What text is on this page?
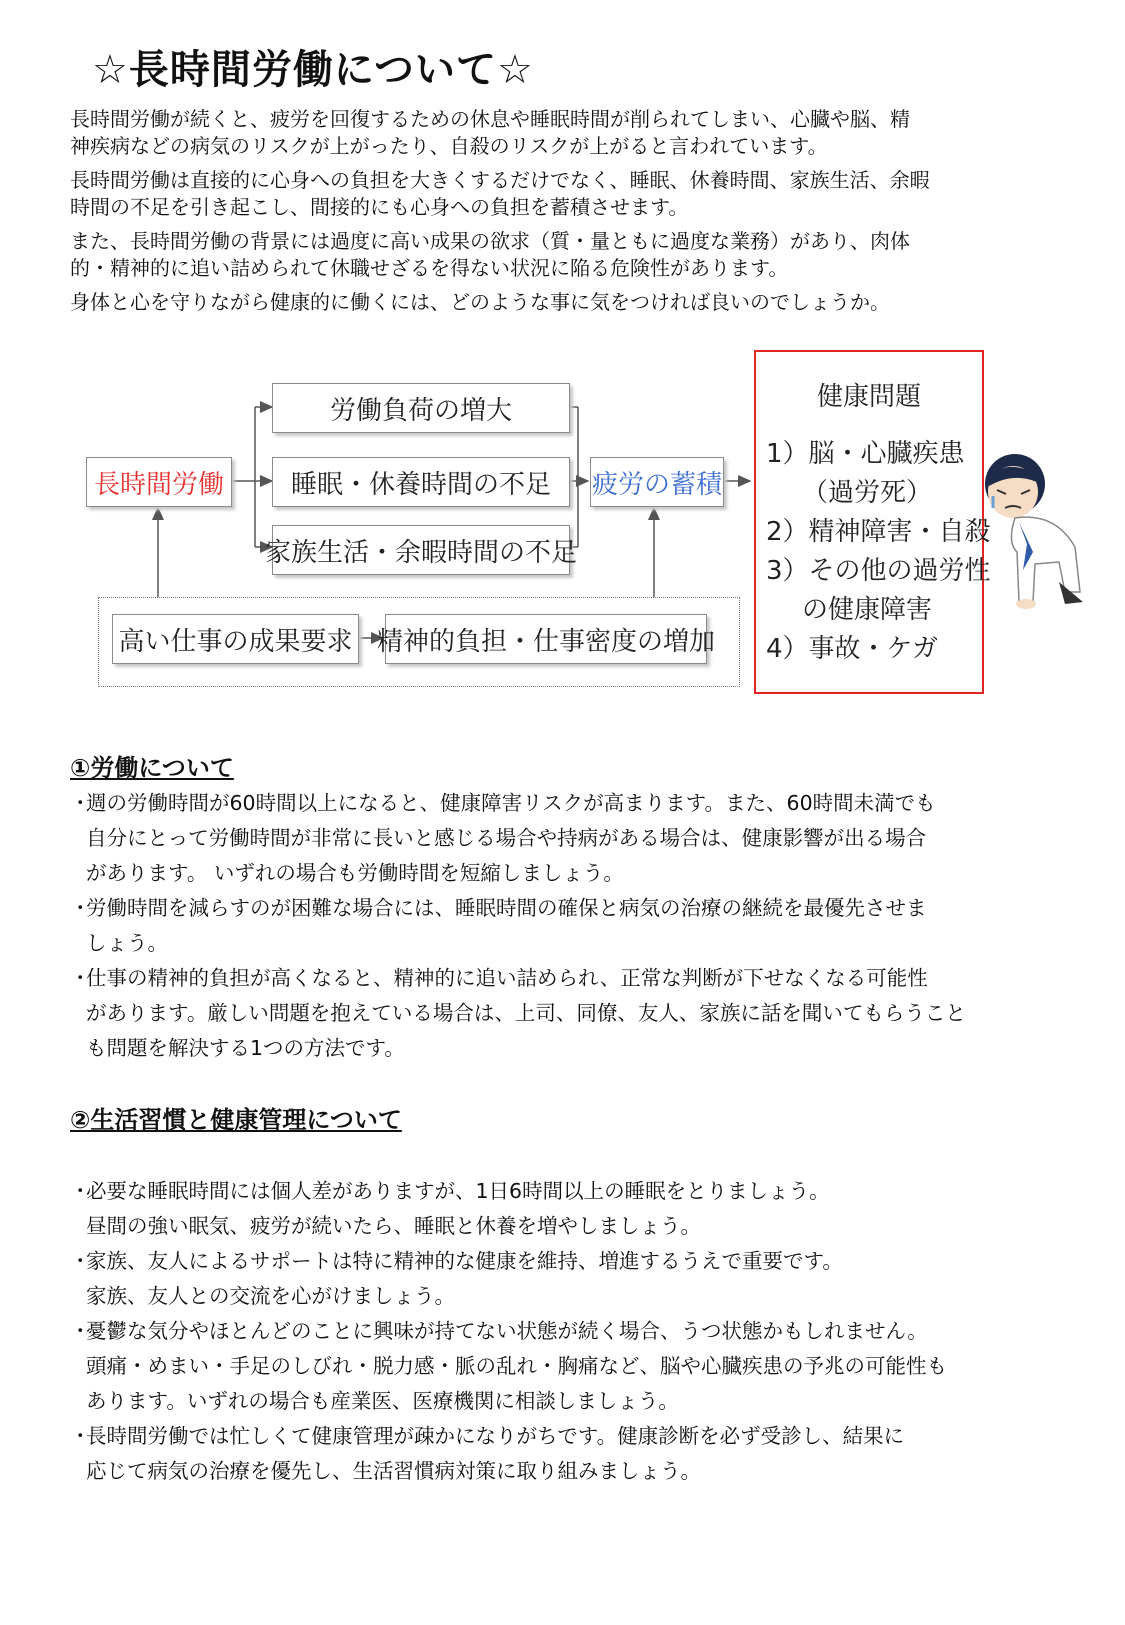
☆長時間労働について☆

長時間労働が続くと、疲労を回復するための休息や睡眠時間が削られてしまい、心臓や脳、精
神疾病などの病気のリスクが上がったり、自殺のリスクが上がると言われています。

長時間労働は直接的に心身への負担を大きくするだけでなく、睡眠、休養時間、家族生活、余暇
時間の不足を引き起こし、間接的にも心身への負担を蓄積させます。

また、長時間労働の背景には過度に高い成果の欲求（質・量ともに過度な業務）があり、肉体
的・精神的に追い詰められて休職せざるを得ない状況に陥る危険性があります。

身体と心を守りながら健康的に働くには、どのような事に気をつければ良いのでしょうか。

長時間労働
労働負荷の増大
睡眠・休養時間の不足
家族生活・余暇時間の不足
疲労の蓄積
高い仕事の成果要求 精神的負担・仕事密度の増加
健康問題
1）脳・心臓疾患
（過労死）
2）精神障害・自殺
3）その他の過労性
の健康障害
4）事故・ケガ
①労働について
・
週の労働時間が60時間以上になると、健康障害リスクが高まります。また、60時間未満でも
自分にとって労働時間が非常に長いと感じる場合や持病がある場合は、健康影響が出る場合
があります。 いずれの場合も労働時間を短縮しましょう。
・
労働時間を減らすのが困難な場合には、睡眠時間の確保と病気の治療の継続を最優先させま
しょう。
・
仕事の精神的負担が高くなると、精神的に追い詰められ、正常な判断が下せなくなる可能性
があります。厳しい問題を抱えている場合は、上司、同僚、友人、家族に話を聞いてもらうこと
も問題を解決する1つの方法です。
②生活習慣と健康管理について
・
必要な睡眠時間には個人差がありますが、1日6時間以上の睡眠をとりましょう。
昼間の強い眠気、疲労が続いたら、睡眠と休養を増やしましょう。
・
家族、友人によるサポートは特に精神的な健康を維持、増進するうえで重要です。
家族、友人との交流を心がけましょう。
・
憂鬱な気分やほとんどのことに興味が持てない状態が続く場合、うつ状態かもしれません。
頭痛・めまい・手足のしびれ・脱力感・脈の乱れ・胸痛など、脳や心臓疾患の予兆の可能性も
あります。いずれの場合も産業医、医療機関に相談しましょう。
・
長時間労働では忙しくて健康管理が疎かになりがちです。健康診断を必ず受診し、結果に
応じて病気の治療を優先し、生活習慣病対策に取り組みましょう。
